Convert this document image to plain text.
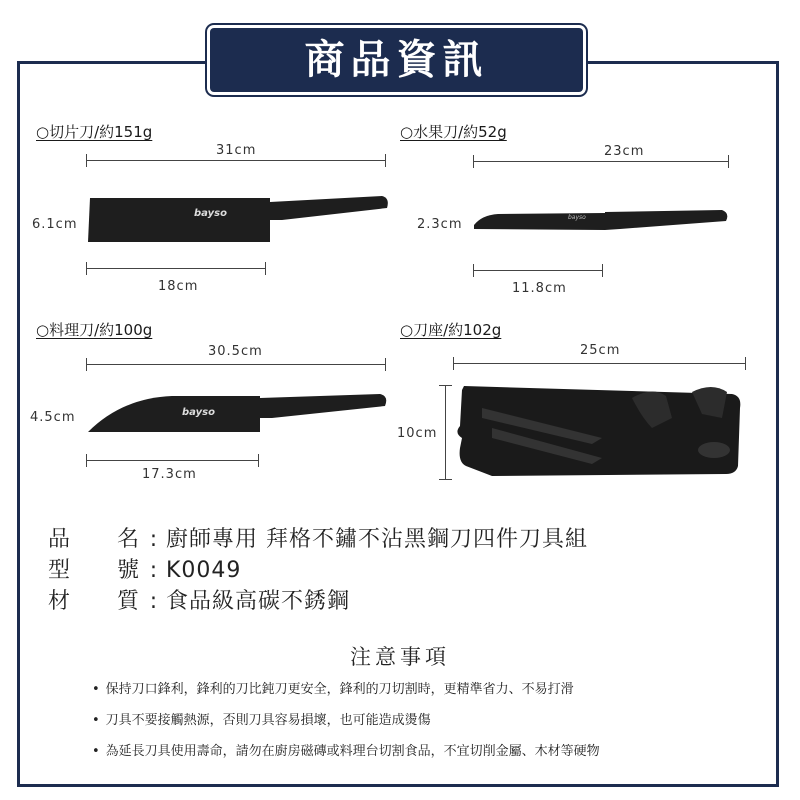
商品資訊
○切片刀/約151g
31cm
6.1cm
bayso
18cm
○水果刀/約52g
23cm
2.3cm	bayso
11.8cm
○料理刀/約100g
30.5cm
4.5cm	bayso
17.3cm
○刀座/約102g
25cm
10cm
品　　名 : 廚師專用 拜格不鏽不沾黑鋼刀四件刀具組
型　　號 : K0049
材　　質 : 食品級高碳不銹鋼
注意事項
• 保持刀口鋒利，鋒利的刀比鈍刀更安全，鋒利的刀切割時，更精準省力、不易打滑
• 刀具不要接觸熱源，否則刀具容易損壞，也可能造成燙傷
• 為延長刀具使用壽命，請勿在廚房磁磚或料理台切割食品，不宜切削金屬、木材等硬物
